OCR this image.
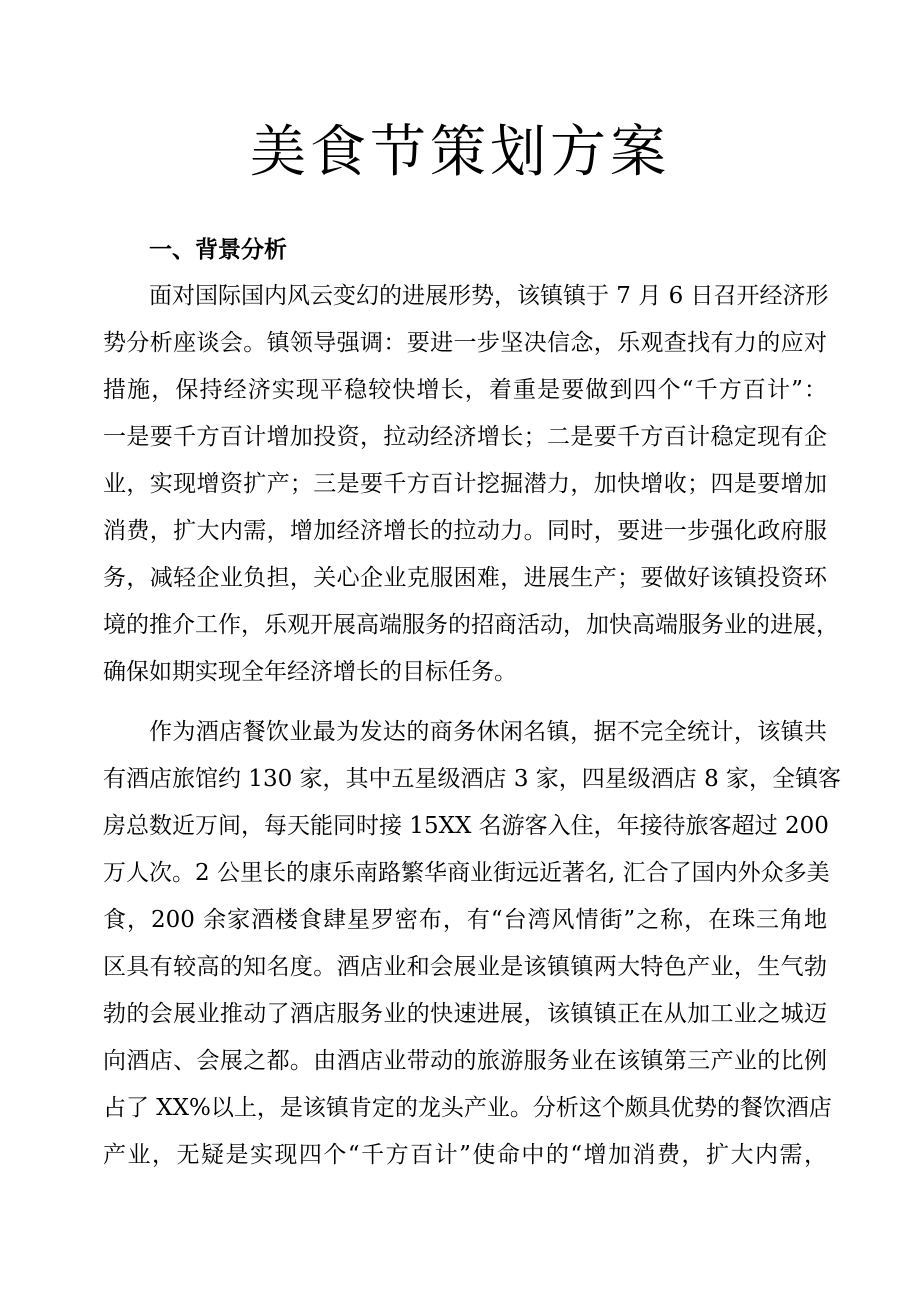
美食节策划方案
一、背景分析
面对国际国内风云变幻的进展形势，该镇镇于 7 月 6 日召开经济形
势分析座谈会。镇领导强调：要进一步坚决信念，乐观查找有力的应对
措施，保持经济实现平稳较快增长，着重是要做到四个“千方百计”：
一是要千方百计增加投资，拉动经济增长；二是要千方百计稳定现有企
业，实现增资扩产；三是要千方百计挖掘潜力，加快增收；四是要增加
消费，扩大内需，增加经济增长的拉动力。同时，要进一步强化政府服
务，减轻企业负担，关心企业克服困难，进展生产；要做好该镇投资环
境的推介工作，乐观开展高端服务的招商活动，加快高端服务业的进展，
确保如期实现全年经济增长的目标任务。
作为酒店餐饮业最为发达的商务休闲名镇，据不完全统计，该镇共
有酒店旅馆约 130 家，其中五星级酒店 3 家，四星级酒店 8 家，全镇客
房总数近万间，每天能同时接 15XX 名游客入住，年接待旅客超过 200
万人次。2 公里长的康乐南路繁华商业街远近著名, 汇合了国内外众多美
食，200 余家酒楼食肆星罗密布，有“台湾风情街”之称，在珠三角地
区具有较高的知名度。酒店业和会展业是该镇镇两大特色产业，生气勃
勃的会展业推动了酒店服务业的快速进展，该镇镇正在从加工业之城迈
向酒店、会展之都。由酒店业带动的旅游服务业在该镇第三产业的比例
占了 XX%以上，是该镇肯定的龙头产业。分析这个颇具优势的餐饮酒店
产业，无疑是实现四个“千方百计”使命中的“增加消费，扩大内需，
